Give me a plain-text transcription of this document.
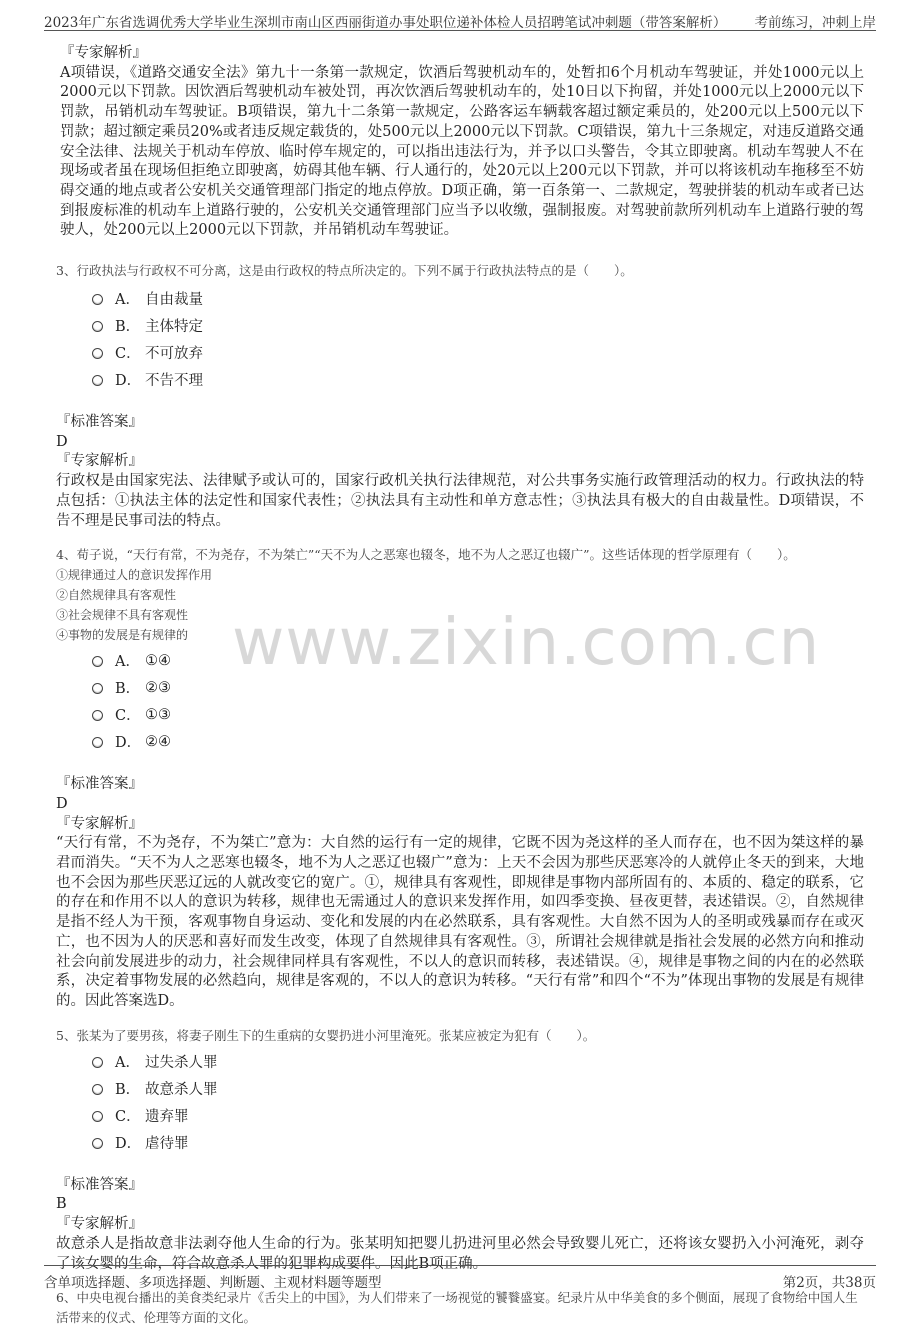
2023年广东省选调优秀大学毕业生深圳市南山区西丽街道办事处职位递补体检人员招聘笔试冲刺题（带答案解析） 考前练习，冲刺上岸
www.zixin.com.cn

『专家解析』

A项错误，《道路交通安全法》第九十一条第一款规定，饮酒后驾驶机动车的，处暂扣6个月机动车驾驶证，并处1000元以上2000元以下罚款。因饮酒后驾驶机动车被处罚，再次饮酒后驾驶机动车的，处10日以下拘留，并处1000元以上2000元以下罚款，吊销机动车驾驶证。B项错误，第九十二条第一款规定，公路客运车辆载客超过额定乘员的，处200元以上500元以下罚款；超过额定乘员20%或者违反规定载货的，处500元以上2000元以下罚款。C项错误，第九十三条规定，对违反道路交通安全法律、法规关于机动车停放、临时停车规定的，可以指出违法行为，并予以口头警告，令其立即驶离。机动车驾驶人不在现场或者虽在现场但拒绝立即驶离，妨碍其他车辆、行人通行的，处20元以上200元以下罚款，并可以将该机动车拖移至不妨碍交通的地点或者公安机关交通管理部门指定的地点停放。D项正确，第一百条第一、二款规定，驾驶拼装的机动车或者已达到报废标准的机动车上道路行驶的，公安机关交通管理部门应当予以收缴，强制报废。对驾驶前款所列机动车上道路行驶的驾驶人，处200元以上2000元以下罚款，并吊销机动车驾驶证。

3、行政执法与行政权不可分离，这是由行政权的特点所决定的。下列不属于行政执法特点的是（　　）。

A． 自由裁量
B． 主体特定
C． 不可放弃
D． 不告不理

『标准答案』

D

『专家解析』

行政权是由国家宪法、法律赋予或认可的，国家行政机关执行法律规范，对公共事务实施行政管理活动的权力。行政执法的特点包括：①执法主体的法定性和国家代表性；②执法具有主动性和单方意志性；③执法具有极大的自由裁量性。D项错误，不告不理是民事司法的特点。

4、荀子说，“天行有常，不为尧存，不为桀亡”“天不为人之恶寒也辍冬，地不为人之恶辽也辍广”。这些话体现的哲学原理有（　　）。

①规律通过人的意识发挥作用

②自然规律具有客观性

③社会规律不具有客观性

④事物的发展是有规律的

A． ①④
B． ②③
C． ①③
D． ②④

『标准答案』

D

『专家解析』

“天行有常，不为尧存，不为桀亡”意为：大自然的运行有一定的规律，它既不因为尧这样的圣人而存在，也不因为桀这样的暴君而消失。“天不为人之恶寒也辍冬，地不为人之恶辽也辍广”意为：上天不会因为那些厌恶寒冷的人就停止冬天的到来，大地也不会因为那些厌恶辽远的人就改变它的宽广。①，规律具有客观性，即规律是事物内部所固有的、本质的、稳定的联系，它的存在和作用不以人的意识为转移，规律也无需通过人的意识来发挥作用，如四季变换、昼夜更替，表述错误。②，自然规律是指不经人为干预，客观事物自身运动、变化和发展的内在必然联系，具有客观性。大自然不因为人的圣明或残暴而存在或灭亡，也不因为人的厌恶和喜好而发生改变，体现了自然规律具有客观性。③，所谓社会规律就是指社会发展的必然方向和推动社会向前发展进步的动力，社会规律同样具有客观性，不以人的意识而转移，表述错误。④，规律是事物之间的内在的必然联系，决定着事物发展的必然趋向，规律是客观的，不以人的意识为转移。“天行有常”和四个“不为”体现出事物的发展是有规律的。因此答案选D。

5、张某为了要男孩，将妻子刚生下的生重病的女婴扔进小河里淹死。张某应被定为犯有（　　）。

A． 过失杀人罪
B． 故意杀人罪
C． 遗弃罪
D． 虐待罪

『标准答案』

B

『专家解析』

故意杀人是指故意非法剥夺他人生命的行为。张某明知把婴儿扔进河里必然会导致婴儿死亡，还将该女婴扔入小河淹死，剥夺了该女婴的生命，符合故意杀人罪的犯罪构成要件。因此B项正确。

6、中央电视台播出的美食类纪录片《舌尖上的中国》，为人们带来了一场视觉的饕餮盛宴。纪录片从中华美食的多个侧面，展现了食物给中国人生活带来的仪式、伦理等方面的文化。

含单项选择题、多项选择题、判断题、主观材料题等题型	第2页，共38页
